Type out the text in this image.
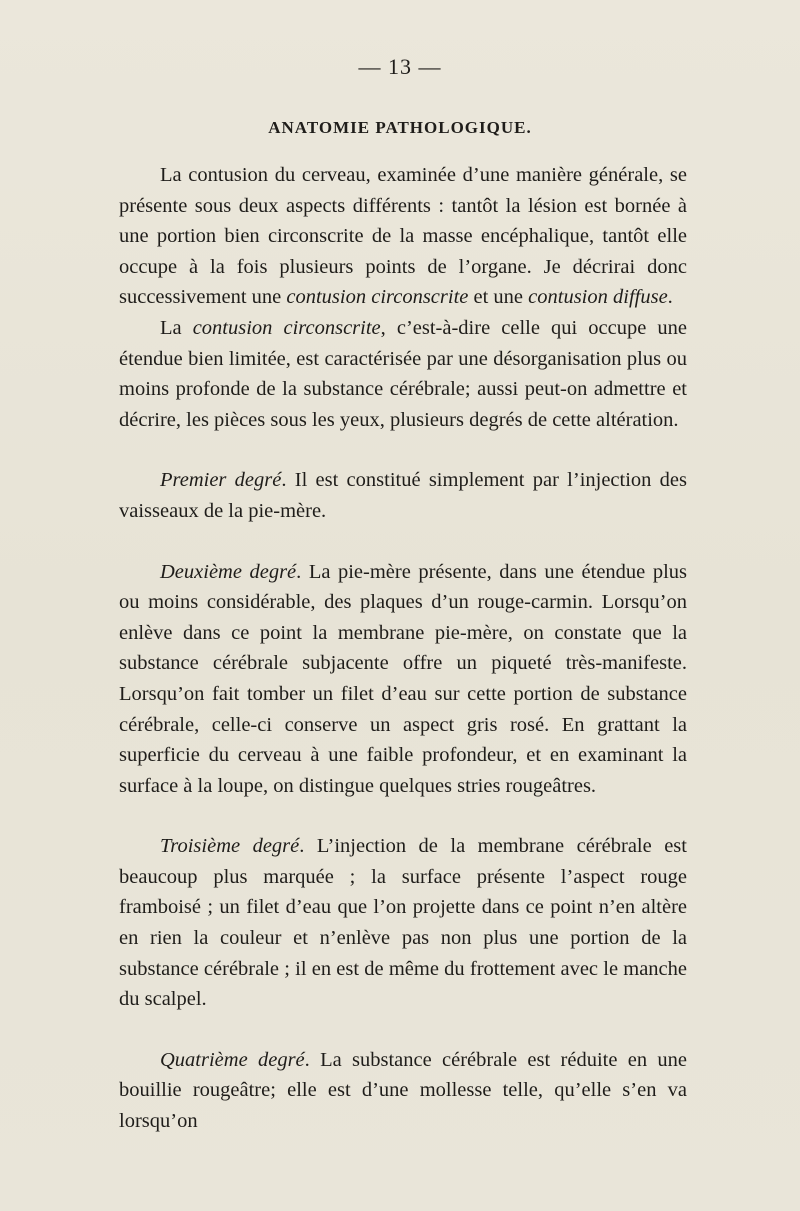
— 13 —
ANATOMIE PATHOLOGIQUE.

La contusion du cerveau, examinée d’une manière générale, se présente sous deux aspects différents : tantôt la lésion est bornée à une portion bien circonscrite de la masse encéphalique, tantôt elle occupe à la fois plusieurs points de l’organe. Je décrirai donc successivement une contusion circonscrite et une contusion diffuse.

La contusion circonscrite, c’est-à-dire celle qui occupe une étendue bien limitée, est caractérisée par une désorganisation plus ou moins profonde de la substance cérébrale; aussi peut-on admettre et décrire, les pièces sous les yeux, plusieurs degrés de cette altération.

Premier degré. Il est constitué simplement par l’injection des vaisseaux de la pie-mère.

Deuxième degré. La pie-mère présente, dans une étendue plus ou moins considérable, des plaques d’un rouge-carmin. Lorsqu’on enlève dans ce point la membrane pie-mère, on constate que la substance cérébrale subjacente offre un piqueté très-manifeste. Lorsqu’on fait tomber un filet d’eau sur cette portion de substance cérébrale, celle-ci conserve un aspect gris rosé. En grattant la superficie du cerveau à une faible profondeur, et en examinant la surface à la loupe, on distingue quelques stries rougeâtres.

Troisième degré. L’injection de la membrane cérébrale est beaucoup plus marquée ; la surface présente l’aspect rouge framboisé ; un filet d’eau que l’on projette dans ce point n’en altère en rien la couleur et n’enlève pas non plus une portion de la substance cérébrale ; il en est de même du frottement avec le manche du scalpel.

Quatrième degré. La substance cérébrale est réduite en une bouillie rougeâtre; elle est d’une mollesse telle, qu’elle s’en va lorsqu’on
